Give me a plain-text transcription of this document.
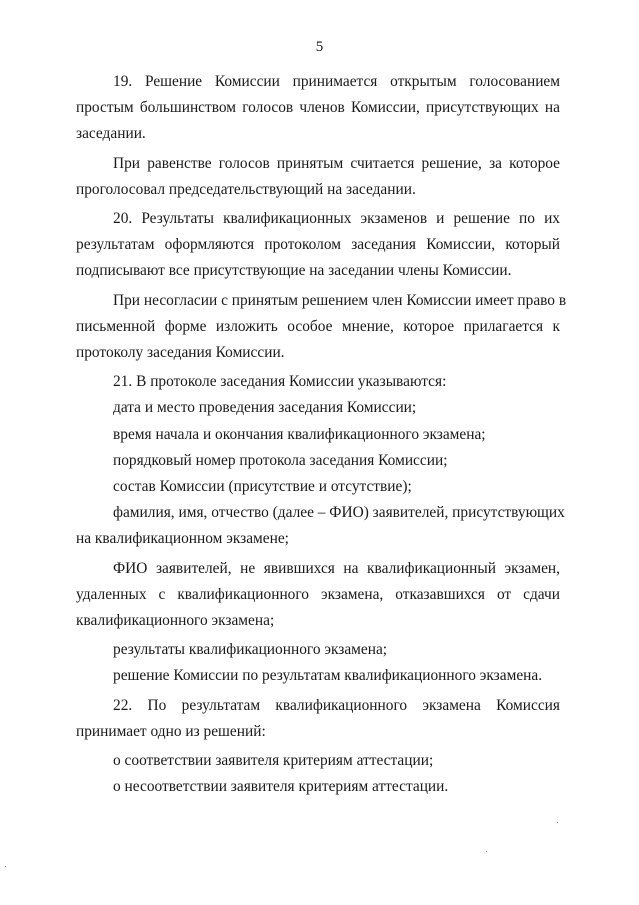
5
19. Решение Комиссии принимается открытым голосованием
простым большинством голосов членов Комиссии, присутствующих на
заседании.
При равенстве голосов принятым считается решение, за которое
проголосовал председательствующий на заседании.
20. Результаты квалификационных экзаменов и решение по их
результатам оформляются протоколом заседания Комиссии, который
подписывают все присутствующие на заседании члены Комиссии.
При несогласии с принятым решением член Комиссии имеет право в
письменной форме изложить особое мнение, которое прилагается к
протоколу заседания Комиссии.
21. В протоколе заседания Комиссии указываются:
дата и место проведения заседания Комиссии;
время начала и окончания квалификационного экзамена;
порядковый номер протокола заседания Комиссии;
состав Комиссии (присутствие и отсутствие);
фамилия, имя, отчество (далее – ФИО) заявителей, присутствующих
на квалификационном экзамене;
ФИО заявителей, не явившихся на квалификационный экзамен,
удаленных с квалификационного экзамена, отказавшихся от сдачи
квалификационного экзамена;
результаты квалификационного экзамена;
решение Комиссии по результатам квалификационного экзамена.
22. По результатам квалификационного экзамена Комиссия
принимает одно из решений:
о соответствии заявителя критериям аттестации;
о несоответствии заявителя критериям аттестации.
